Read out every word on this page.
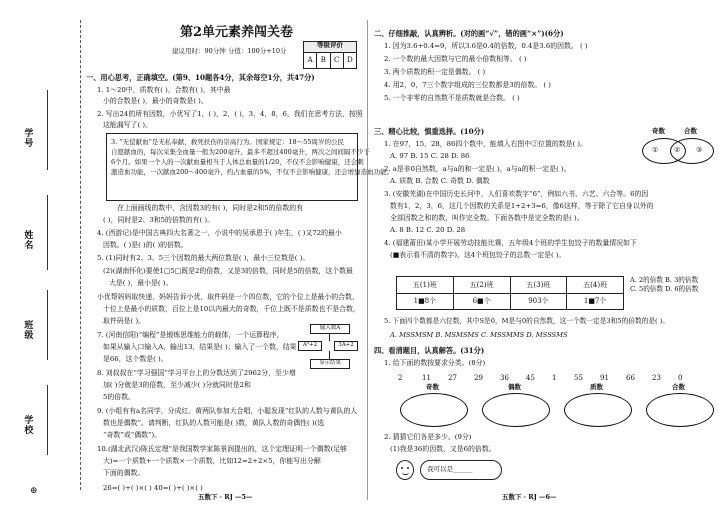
学号
姓名
班级
学校
⊕
第2单元素养闯关卷
建议用时：90分钟 分值：100分+10分
等级评价
A	B	C	D
一、用心思考，正确填空。(第9、10题各4分，其余每空1分，共47分)
1. 1～20中，质数有( )，合数有( )，其中最
小的合数是( )，最小的奇数是( )。
2. 写出24的所有因数，小优写了1，( )，2，( )，3，4，8，6，我们在思考方法，按照
这能漏写了( )。
3. “无偿献血”是无私奉献，救死扶伤的崇高行为。国家规定：18～55周岁的公民
自愿献血的，每次采集全血量一般为200毫升，最多不超过400毫升，两次之间间隔不少于
6个月。如果一个人的一次献血量相当于人体总血量的1/20，不仅不会影响健康，还会刺
激造血功能，一次献血200～400毫升，约占血量的5%，不仅不会影响健康，还会增加造血功能。
在上面画线的数中，含因数3的有( )，同时是2和5的倍数的有
( )，同时是2、3和5的倍数的有( )。
4. (西游记)是中国古典四大名著之一，小说中的吴承恩于( )年生，( )又72的最小
因数。( )是( )的( )的倍数。
5. (1)同时有2、3、5三个因数的最大两位数是( )，最小三位数是( )。
(2)(湖南怀化)要使1□5□既是2的倍数，又是3的倍数，同时是5的倍数，这个数最
大是( )，最小是( )。
小优帮妈妈取快递，妈妈告诉小优，取件码是一个四位数，它的个位上是最小的合数，
十位上是最小的质数，百位上是10以内最大的奇数，千位上既不是质数也不是合数，
取件码是( )。
7. (河南信阳)“编程”是锻炼思维能力的载体，一个运算程序，
如果从输入口输入A，输出13，结果是( )；输入了一个数，结果
是66，这个数是( )。
8. 刘叔叔在“学习强国”学习平台上的分数达到了2962分，至少增
加( )分就是3的倍数，至少减少( )分就同时是2和
5的倍数。
9. (小组有有a名同学，分成红、黄两队参加大合唱，小聪发现“红队的人数与黄队的人
数也是偶数”。请判断，红队的人数可能是( )数，黄队人数的奇偶性( )(选
“奇数”或“偶数”)。
10.(湖北武汉)陈氏定理”是我国数学家陈景润提出的，这个定理证明一个偶数(足够
大)=一个质数+一个质数×一个质数，比如12=2+2×5，你能写出分解
下面的偶数。
26=( )+( )×( ) 40=( )+( )×( )
输入数A
A²+2	3A+2
显示结果
五数下 · RJ —5—
二、仔细推敲，认真辨析。(对的画“√”，错的画“×”)(6分)
1. 因为3.6+0.4=9，所以3.6是0.4的倍数，0.4是3.6的因数。 ( )
2. 一个数的最大因数与它的最小倍数相等。 ( )
3. 两个质数的积一定是偶数。 ( )
4. 用2，0，7三个数字组成的三位数都是3的倍数。 ( )
5. 一个非零的自然数不是质数就是合数。 ( )
三、精心比较，慎重选择。(10分)
1. 在97，15，28，86四个数中，能填入右图中②位置的数是( )。
A. 97 B. 15 C. 28 D. 86
2. a是非0自然数，a与a的和一定是( )，a与a的积一定是( )。
A. 质数 B. 合数 C. 奇数 D. 偶数
3. (安徽芜湖)在中国历史长河中，人们喜欢数字“6”，例如六书、六艺、六合等。6的因
数有1，2，3，6，这几个因数的关系是1+2+3=6，像6这样，等于除了它自身以外的
全部因数之和的数，叫作完全数。下面各数中是完全数的是( )。
A. 8 B. 12 C. 20 D. 28
4. (福建莆田)某小学开展劳动技能比赛，五年级4个班的学生包饺子的数量情况如下
(■表示看不清的数字)，这4个班包饺子的总数一定是( )。
奇数	合数
① ② ③
五(1)班	五(2)班	五(3)班	五(4)班
1■8个	6■个	903个	1■7个
A. 2的倍数 B. 3的倍数
C. 5的倍数 D. 6的倍数
5. 下面四个数都是六位数，其中S是0，M是与0的自然数，这一个数一定是3和5的倍数的是( )。
A. MSSMSM B. MSMSMS C. MSSMMS D. MSSSMS
四、看清题目，认真解答。(31分)
1. 给下面的数按要求分类。(8分)
2	11 27 29 36 45 1	55 91 66 23 0
奇数	偶数	质数	合数
2. 猜猜它们各是多少。(9分)
(1)我是36的因数，又是6的倍数。
我可以是______
五数下 · RJ —6—
